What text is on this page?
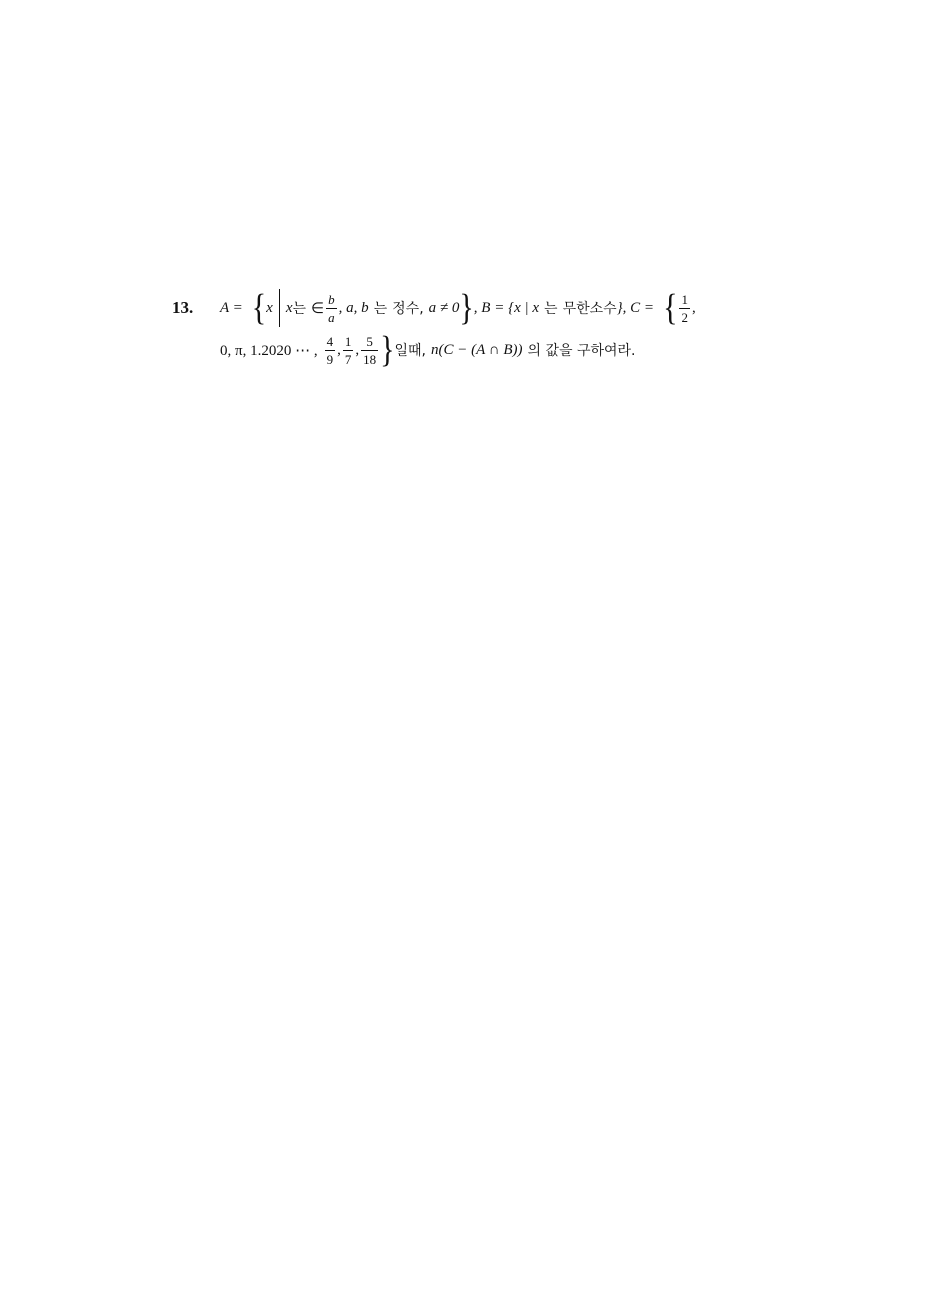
13. A = { x x 는 ∈ $\frac{b}{a}$ , a, b 는 정수, a ≠ 0 } , B = {x | x 는 무한소수 }, C = { $\frac{1}{2}$ ,
0, π, 1.2020 ⋯ , $\frac{4}{9}$ , $\frac{1}{7}$ , $\frac{5}{18}$ } 일때, n(C − (A ∩ B)) 의 값을 구하여라.
